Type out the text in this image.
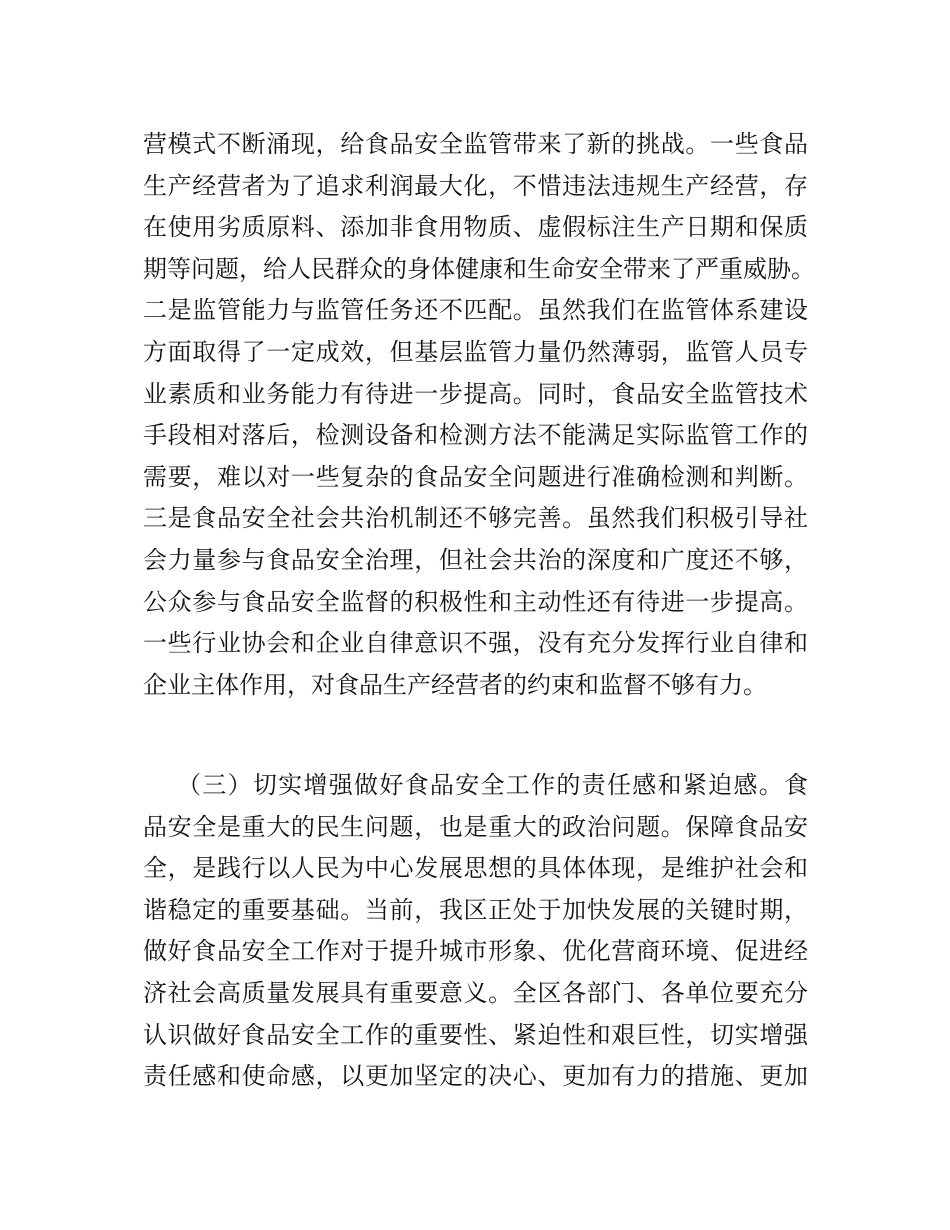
营模式不断涌现，给食品安全监管带来了新的挑战。一些食品
生产经营者为了追求利润最大化，不惜违法违规生产经营，存
在使用劣质原料、添加非食用物质、虚假标注生产日期和保质
期等问题，给人民群众的身体健康和生命安全带来了严重威胁。
二是监管能力与监管任务还不匹配。虽然我们在监管体系建设
方面取得了一定成效，但基层监管力量仍然薄弱，监管人员专
业素质和业务能力有待进一步提高。同时，食品安全监管技术
手段相对落后，检测设备和检测方法不能满足实际监管工作的
需要，难以对一些复杂的食品安全问题进行准确检测和判断。
三是食品安全社会共治机制还不够完善。虽然我们积极引导社
会力量参与食品安全治理，但社会共治的深度和广度还不够，
公众参与食品安全监督的积极性和主动性还有待进一步提高。
一些行业协会和企业自律意识不强，没有充分发挥行业自律和
企业主体作用，对食品生产经营者的约束和监督不够有力。
（三）切实增强做好食品安全工作的责任感和紧迫感。食
品安全是重大的民生问题，也是重大的政治问题。保障食品安
全，是践行以人民为中心发展思想的具体体现，是维护社会和
谐稳定的重要基础。当前，我区正处于加快发展的关键时期，
做好食品安全工作对于提升城市形象、优化营商环境、促进经
济社会高质量发展具有重要意义。全区各部门、各单位要充分
认识做好食品安全工作的重要性、紧迫性和艰巨性，切实增强
责任感和使命感，以更加坚定的决心、更加有力的措施、更加
